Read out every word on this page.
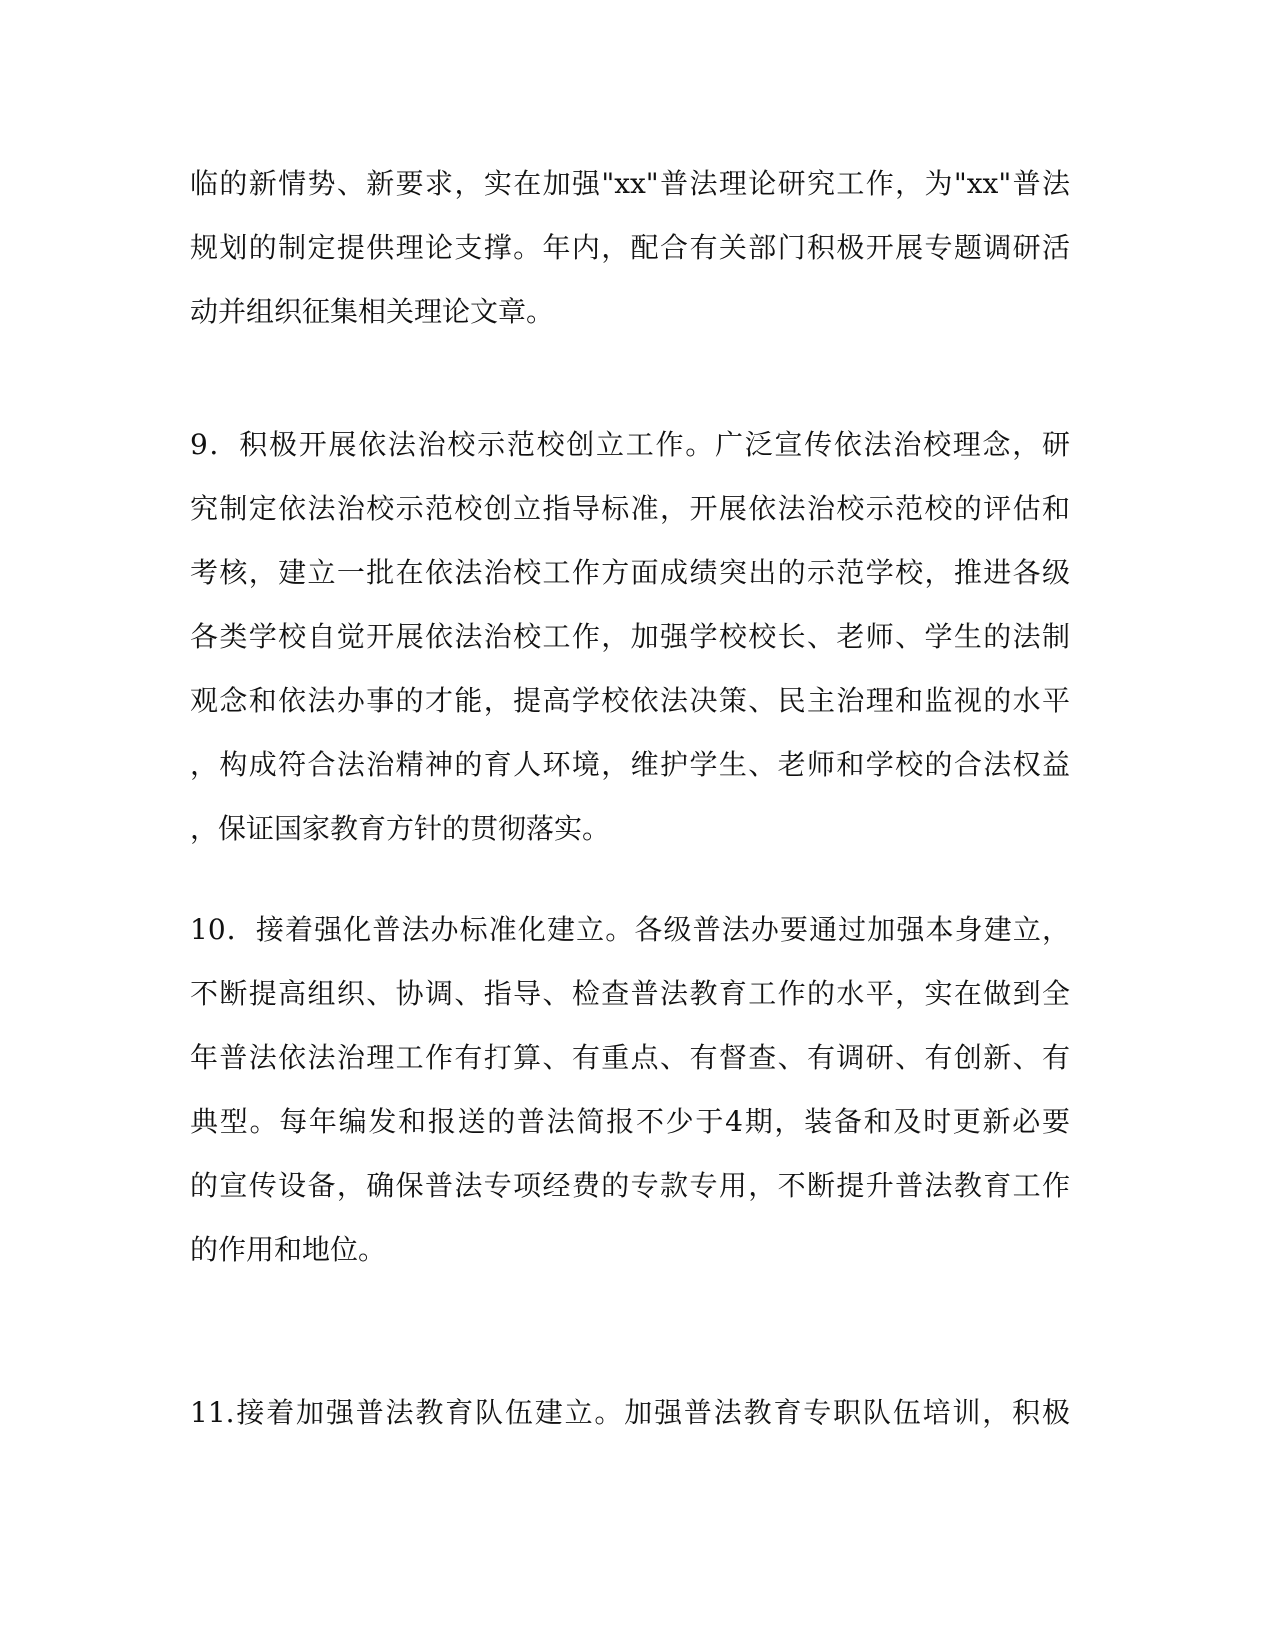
临的新情势、新要求，实在加强"xx"普法理论研究工作，为"xx"普法
规划的制定提供理论支撑。年内，配合有关部门积极开展专题调研活
动并组织征集相关理论文章。
9．积极开展依法治校示范校创立工作。广泛宣传依法治校理念，研
究制定依法治校示范校创立指导标准，开展依法治校示范校的评估和
考核，建立一批在依法治校工作方面成绩突出的示范学校，推进各级
各类学校自觉开展依法治校工作，加强学校校长、老师、学生的法制
观念和依法办事的才能，提高学校依法决策、民主治理和监视的水平
，构成符合法治精神的育人环境，维护学生、老师和学校的合法权益
，保证国家教育方针的贯彻落实。
10．接着强化普法办标准化建立。各级普法办要通过加强本身建立，
不断提高组织、协调、指导、检查普法教育工作的水平，实在做到全
年普法依法治理工作有打算、有重点、有督查、有调研、有创新、有
典型。每年编发和报送的普法简报不少于4期，装备和及时更新必要
的宣传设备，确保普法专项经费的专款专用，不断提升普法教育工作
的作用和地位。
11.接着加强普法教育队伍建立。加强普法教育专职队伍培训，积极
